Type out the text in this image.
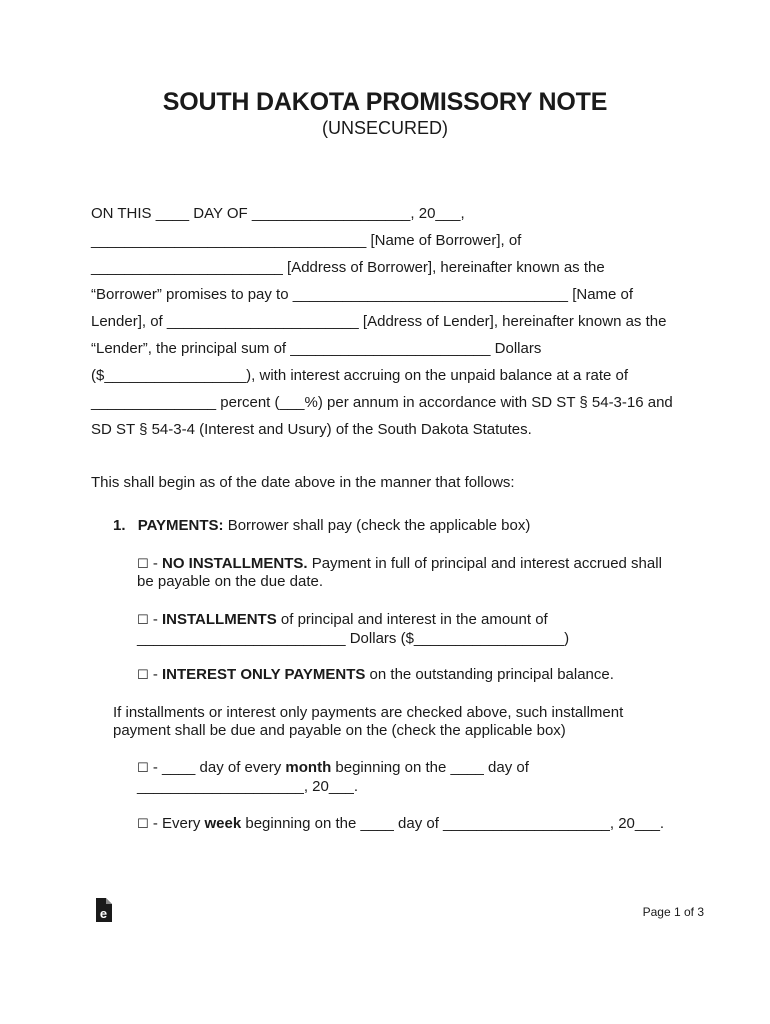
SOUTH DAKOTA PROMISSORY NOTE
(UNSECURED)
ON THIS ____ DAY OF ___________________, 20___,
_________________________________ [Name of Borrower], of
_______________________ [Address of Borrower], hereinafter known as the
“Borrower” promises to pay to _________________________________ [Name of
Lender], of _______________________ [Address of Lender], hereinafter known as the
“Lender”, the principal sum of ________________________ Dollars
($_________________), with interest accruing on the unpaid balance at a rate of
_______________ percent (___%) per annum in accordance with SD ST § 54-3-16 and
SD ST § 54-3-4 (Interest and Usury) of the South Dakota Statutes.
This shall begin as of the date above in the manner that follows:
1. PAYMENTS: Borrower shall pay (check the applicable box)
☐ - NO INSTALLMENTS. Payment in full of principal and interest accrued shall
be payable on the due date.
☐ - INSTALLMENTS of principal and interest in the amount of
_________________________ Dollars ($__________________)
☐ - INTEREST ONLY PAYMENTS on the outstanding principal balance.
If installments or interest only payments are checked above, such installment
payment shall be due and payable on the (check the applicable box)
☐ - ____ day of every month beginning on the ____ day of
____________________, 20___.
☐ - Every week beginning on the ____ day of ____________________, 20___.
e	Page 1 of 3
